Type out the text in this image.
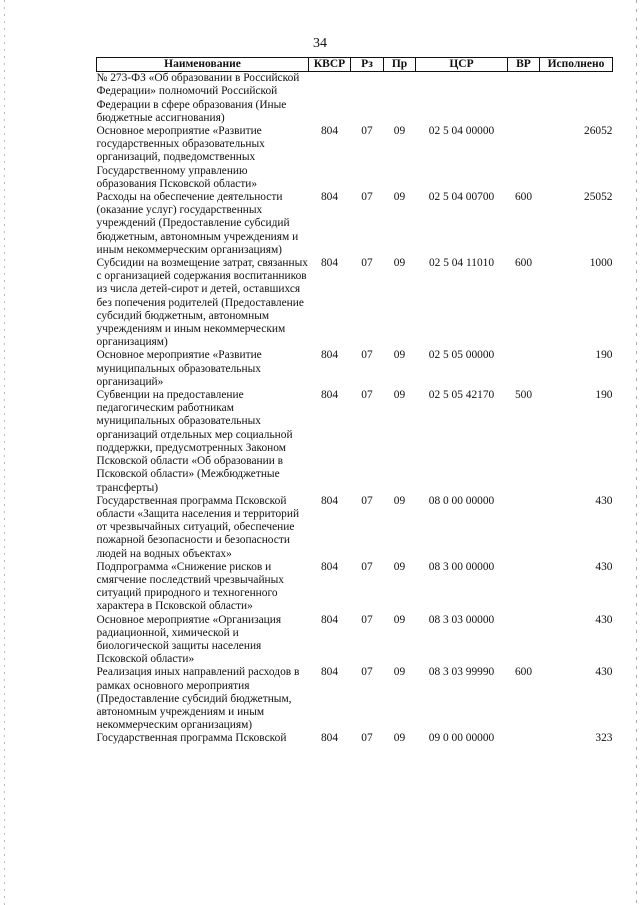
34
Наименование	КВСР	Рз	Пр	ЦСР	ВР	Исполнено
№ 273-ФЗ «Об образовании в Российской Федерации» полномочий Российской Федерации в сфере образования (Иные бюджетные ассигнования)						
Основное мероприятие «Развитие государственных образовательных организаций, подведомственных Государственному управлению образования Псковской области»	804	07	09	02 5 04 00000		26052
Расходы на обеспечение деятельности (оказание услуг) государственных учреждений (Предоставление субсидий бюджетным, автономным учреждениям и иным некоммерческим организациям)	804	07	09	02 5 04 00700	600	25052
Субсидии на возмещение затрат, связанных с организацией содержания воспитанников из числа детей-сирот и детей, оставшихся без попечения родителей (Предоставление субсидий бюджетным, автономным учреждениям и иным некоммерческим организациям)	804	07	09	02 5 04 11010	600	1000
Основное мероприятие «Развитие муниципальных образовательных организаций»	804	07	09	02 5 05 00000		190
Субвенции на предоставление педагогическим работникам муниципальных образовательных организаций отдельных мер социальной поддержки, предусмотренных Законом Псковской области «Об образовании в Псковской области» (Межбюджетные трансферты)	804	07	09	02 5 05 42170	500	190
Государственная программа Псковской области «Защита населения и территорий от чрезвычайных ситуаций, обеспечение пожарной безопасности и безопасности людей на водных объектах»	804	07	09	08 0 00 00000		430
Подпрограмма «Снижение рисков и смягчение последствий чрезвычайных ситуаций природного и техногенного характера в Псковской области»	804	07	09	08 3 00 00000		430
Основное мероприятие «Организация радиационной, химической и биологической защиты населения Псковской области»	804	07	09	08 3 03 00000		430
Реализация иных направлений расходов в рамках основного мероприятия (Предоставление субсидий бюджетным, автономным учреждениям и иным некоммерческим организациям)	804	07	09	08 3 03 99990	600	430
Государственная программа Псковской	804	07	09	09 0 00 00000		323
